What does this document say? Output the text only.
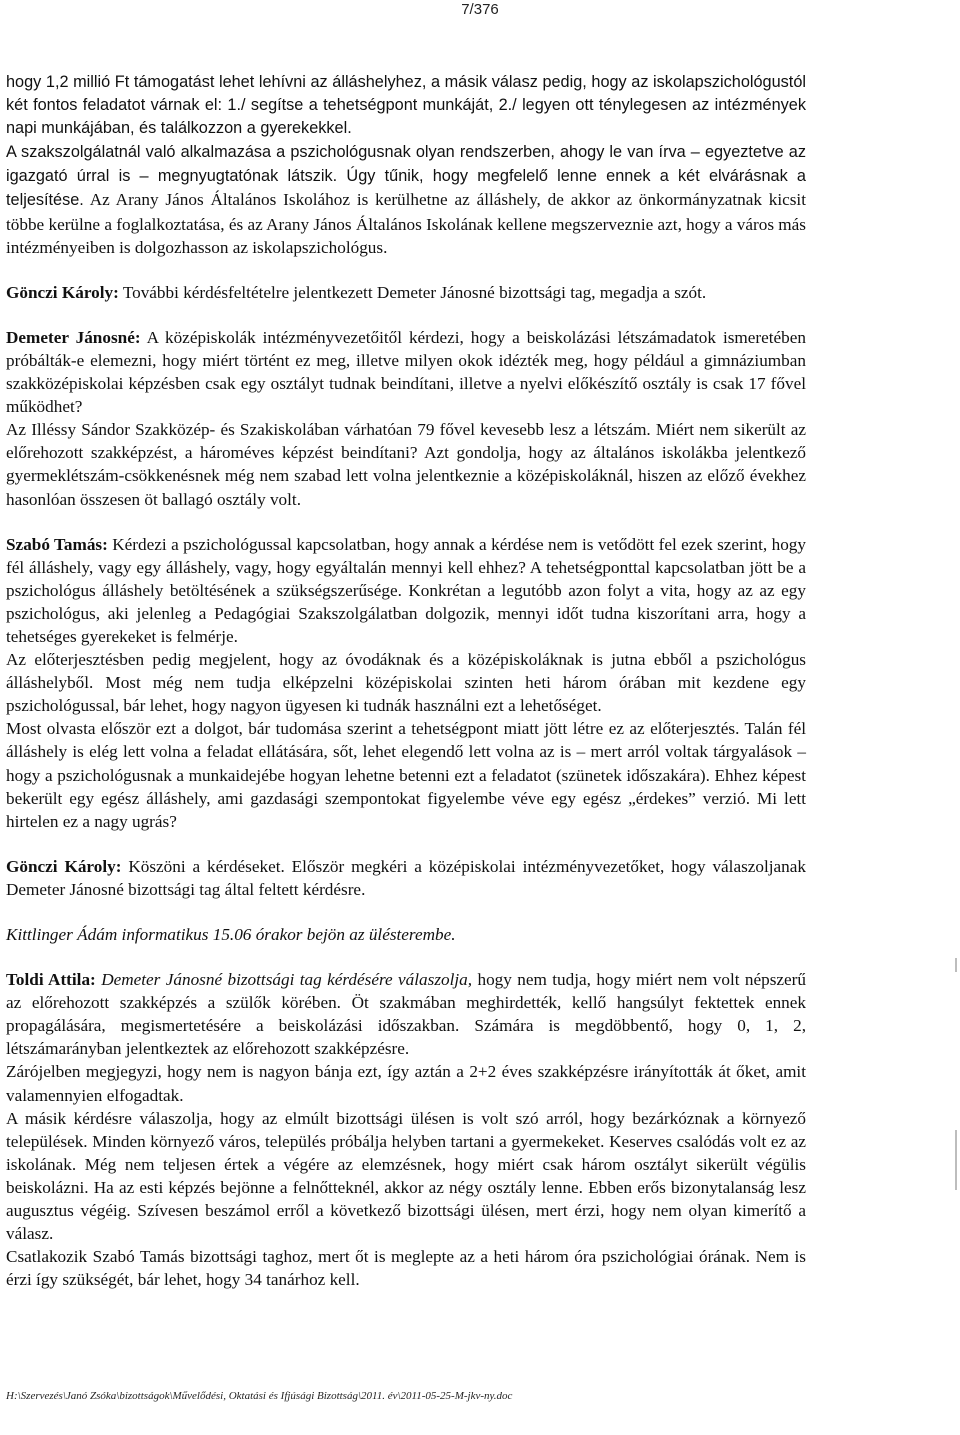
7/376

hogy 1,2 millió Ft támogatást lehet lehívni az álláshelyhez, a másik válasz pedig, hogy az iskolapszichológustól két fontos feladatot várnak el: 1./ segítse a tehetségpont munkáját, 2./ legyen ott ténylegesen az intézmények napi munkájában, és találkozzon a gyerekekkel.

A szakszolgálatnál való alkalmazása a pszichológusnak olyan rendszerben, ahogy le van írva – egyeztetve az igazgató úrral is – megnyugtatónak látszik. Úgy tűnik, hogy megfelelő lenne ennek a két elvárásnak a teljesítése. Az Arany János Általános Iskolához is kerülhetne az álláshely, de akkor az önkormányzatnak kicsit többe kerülne a foglalkoztatása, és az Arany János Általános Iskolának kellene megszerveznie azt, hogy a város más intézményeiben is dolgozhasson az iskolapszichológus.

Gönczi Károly: További kérdésfeltételre jelentkezett Demeter Jánosné bizottsági tag, megadja a szót.

Demeter Jánosné: A középiskolák intézményvezetőitől kérdezi, hogy a beiskolázási létszámadatok ismeretében próbálták-e elemezni, hogy miért történt ez meg, illetve milyen okok idézték meg, hogy például a gimnáziumban szakközépiskolai képzésben csak egy osztályt tudnak beindítani, illetve a nyelvi előkészítő osztály is csak 17 fővel működhet?

Az Illéssy Sándor Szakközép- és Szakiskolában várhatóan 79 fővel kevesebb lesz a létszám. Miért nem sikerült az előrehozott szakképzést, a hároméves képzést beindítani? Azt gondolja, hogy az általános iskolákba jelentkező gyermeklétszám-csökkenésnek még nem szabad lett volna jelentkeznie a középiskoláknál, hiszen az előző évekhez hasonlóan összesen öt ballagó osztály volt.

Szabó Tamás: Kérdezi a pszichológussal kapcsolatban, hogy annak a kérdése nem is vetődött fel ezek szerint, hogy fél álláshely, vagy egy álláshely, vagy, hogy egyáltalán mennyi kell ehhez? A tehetségponttal kapcsolatban jött be a pszichológus álláshely betöltésének a szükségszerűsége. Konkrétan a legutóbb azon folyt a vita, hogy az az egy pszichológus, aki jelenleg a Pedagógiai Szakszolgálatban dolgozik, mennyi időt tudna kiszorítani arra, hogy a tehetséges gyerekeket is felmérje.

Az előterjesztésben pedig megjelent, hogy az óvodáknak és a középiskoláknak is jutna ebből a pszichológus álláshelyből. Most még nem tudja elképzelni középiskolai szinten heti három órában mit kezdene egy pszichológussal, bár lehet, hogy nagyon ügyesen ki tudnák használni ezt a lehetőséget.

Most olvasta először ezt a dolgot, bár tudomása szerint a tehetségpont miatt jött létre ez az előterjesztés. Talán fél álláshely is elég lett volna a feladat ellátására, sőt, lehet elegendő lett volna az is – mert arról voltak tárgyalások – hogy a pszichológusnak a munkaidejébe hogyan lehetne betenni ezt a feladatot (szünetek időszakára). Ehhez képest bekerült egy egész álláshely, ami gazdasági szempontokat figyelembe véve egy egész „érdekes” verzió. Mi lett hirtelen ez a nagy ugrás?

Gönczi Károly: Köszöni a kérdéseket. Először megkéri a középiskolai intézményvezetőket, hogy válaszoljanak Demeter Jánosné bizottsági tag által feltett kérdésre.

Kittlinger Ádám informatikus 15.06 órakor bejön az ülésterembe.

Toldi Attila: Demeter Jánosné bizottsági tag kérdésére válaszolja, hogy nem tudja, hogy miért nem volt népszerű az előrehozott szakképzés a szülők körében. Öt szakmában meghirdették, kellő hangsúlyt fektettek ennek propagálására, megismertetésére a beiskolázási időszakban. Számára is megdöbbentő, hogy 0, 1, 2, létszámarányban jelentkeztek az előrehozott szakképzésre.

Zárójelben megjegyzi, hogy nem is nagyon bánja ezt, így aztán a 2+2 éves szakképzésre irányították át őket, amit valamennyien elfogadtak.

A másik kérdésre válaszolja, hogy az elmúlt bizottsági ülésen is volt szó arról, hogy bezárkóznak a környező települések. Minden környező város, település próbálja helyben tartani a gyermekeket. Keserves csalódás volt ez az iskolának. Még nem teljesen értek a végére az elemzésnek, hogy miért csak három osztályt sikerült végülis beiskolázni. Ha az esti képzés bejönne a felnőtteknél, akkor az négy osztály lenne. Ebben erős bizonytalanság lesz augusztus végéig. Szívesen beszámol erről a következő bizottsági ülésen, mert érzi, hogy nem olyan kimerítő a válasz.

Csatlakozik Szabó Tamás bizottsági taghoz, mert őt is meglepte az a heti három óra pszichológiai órának. Nem is érzi így szükségét, bár lehet, hogy 34 tanárhoz kell.

H:\Szervezés\Janó Zsóka\bizottságok\Művelődési, Oktatási és Ifjúsági Bizottság\2011. év\2011-05-25-M-jkv-ny.doc
